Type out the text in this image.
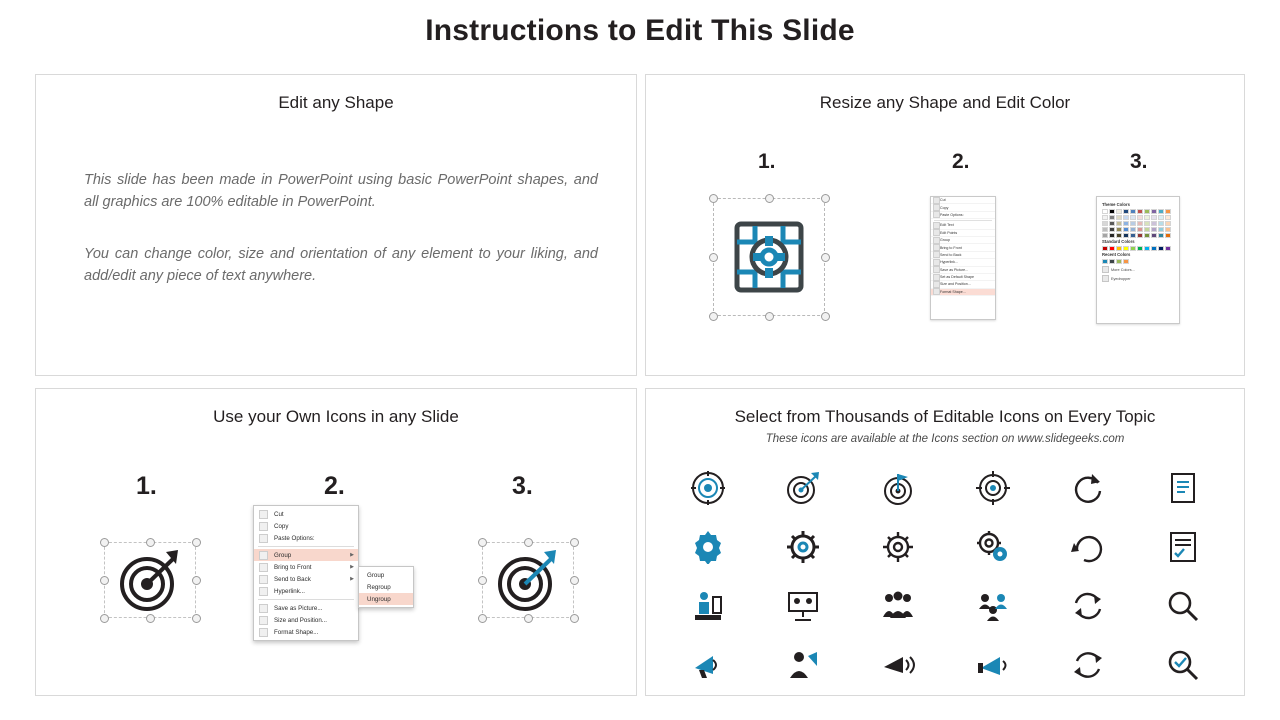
Instructions to Edit This Slide
Edit any Shape
This slide has been made in PowerPoint using basic PowerPoint shapes, and all graphics are 100% editable in PowerPoint.
You can change color, size and orientation of any element to your liking, and add/edit any piece of text anywhere.
Resize any Shape and Edit Color
1.	2.	3.
Cut
Copy
Paste Options:
Edit Text
Edit Points
Group
Bring to Front
Send to Back
Hyperlink...
Save as Picture...
Set as Default Shape
Size and Position...
Format Shape...
Theme Colors
Standard Colors
Recent Colors
More Colors...
Eyedropper
Use your Own Icons in any Slide
1.	2.	3.
Cut
Copy
Paste Options:
Group	▶
Bring to Front	▶
Send to Back	▶
Hyperlink...
Save as Picture...
Size and Position...
Format Shape...
Group
Regroup
Ungroup
Select from Thousands of Editable Icons on Every Topic
These icons are available at the Icons section on www.slidegeeks.com
